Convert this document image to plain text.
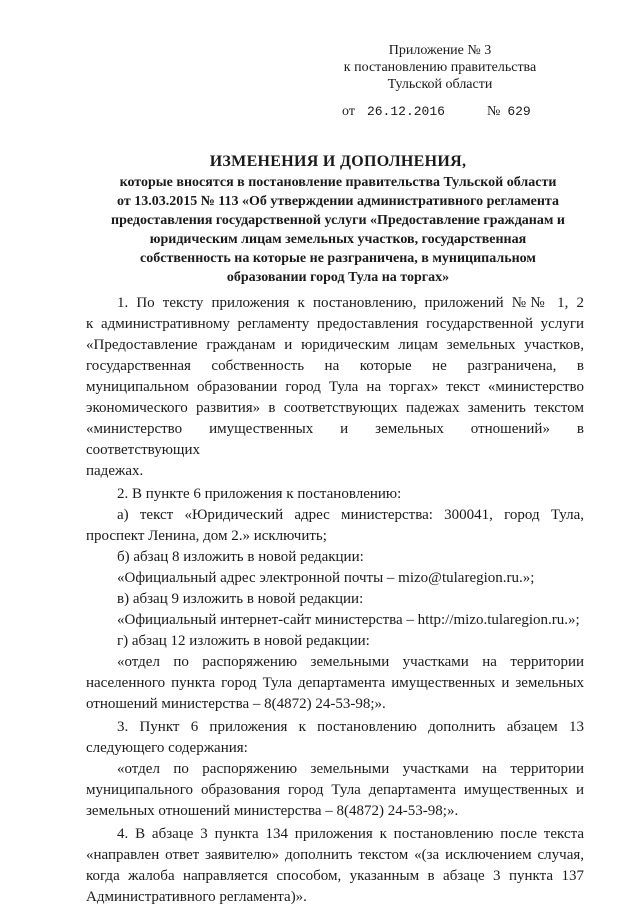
Приложение № 3
к постановлению правительства
Тульской области
от 26.12.2016	№ 629
ИЗМЕНЕНИЯ И ДОПОЛНЕНИЯ,
которые вносятся в постановление правительства Тульской области
от 13.03.2015 № 113 «Об утверждении административного регламента
предоставления государственной услуги «Предоставление гражданам и
юридическим лицам земельных участков, государственная
собственность на которые не разграничена, в муниципальном
образовании город Тула на торгах»

1. По тексту приложения к постановлению, приложений №№ 1, 2

к административному регламенту предоставления государственной услуги

«Предоставление гражданам и юридическим лицам земельных участков,

государственная собственность на которые не разграничена, в

муниципальном образовании город Тула на торгах» текст «министерство

экономического развития» в соответствующих падежах заменить текстом

«министерство имущественных и земельных отношений» в соответствующих

падежах.

2. В пункте 6 приложения к постановлению:

а) текст «Юридический адрес министерства: 300041, город Тула,

проспект Ленина, дом 2.» исключить;

б) абзац 8 изложить в новой редакции:

«Официальный адрес электронной почты – mizo@tularegion.ru.»;

в) абзац 9 изложить в новой редакции:

«Официальный интернет-сайт министерства – http://mizo.tularegion.ru.»;

г) абзац 12 изложить в новой редакции:

«отдел по распоряжению земельными участками на территории

населенного пункта город Тула департамента имущественных и земельных

отношений министерства – 8(4872) 24-53-98;».

3. Пункт 6 приложения к постановлению дополнить абзацем 13

следующего содержания:

«отдел по распоряжению земельными участками на территории

муниципального образования город Тула департамента имущественных и

земельных отношений министерства – 8(4872) 24-53-98;».

4. В абзаце 3 пункта 134 приложения к постановлению после текста

«направлен ответ заявителю» дополнить текстом «(за исключением случая,

когда жалоба направляется способом, указанным в абзаце 3 пункта 137

Административного регламента)».
